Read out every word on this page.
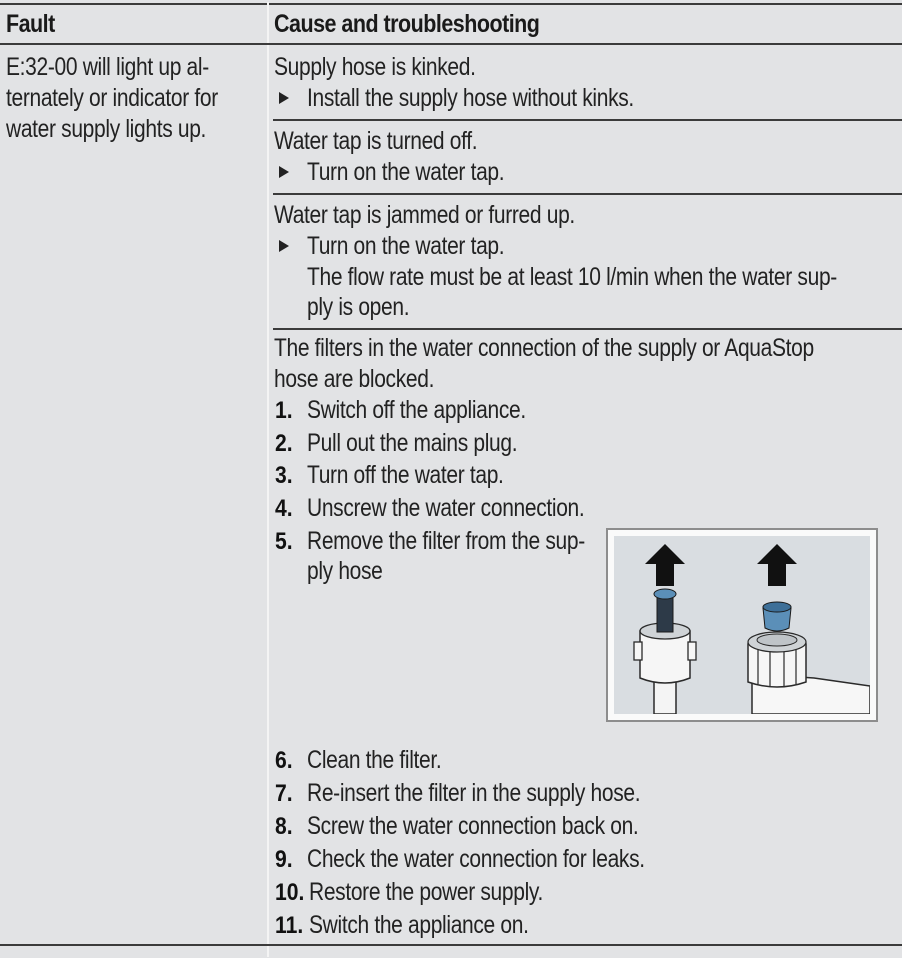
Fault	Cause and troubleshooting
E:32-00 will light up al-
ternately or indicator for
water supply lights up.
Supply hose is kinked.
Install the supply hose without kinks.
Water tap is turned off.
Turn on the water tap.
Water tap is jammed or furred up.
Turn on the water tap.
The flow rate must be at least 10 l/min when the water sup-
ply is open.
The filters in the water connection of the supply or AquaStop
hose are blocked.
1. Switch off the appliance.
2. Pull out the mains plug.
3. Turn off the water tap.
4. Unscrew the water connection.
5. Remove the filter from the sup-
ply hose
6. Clean the filter.
7. Re-insert the filter in the supply hose.
8. Screw the water connection back on.
9. Check the water connection for leaks.
10. Restore the power supply.
11. Switch the appliance on.
